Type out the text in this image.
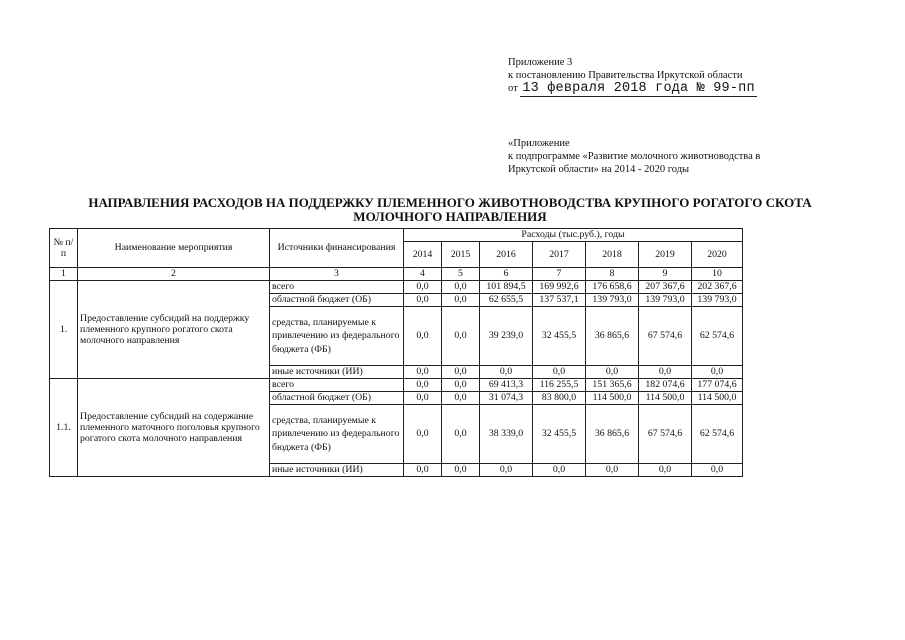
Приложение 3
к постановлению Правительства Иркутской области
от 13 февраля 2018 года № 99-пп
«Приложение
к подпрограмме «Развитие молочного животноводства в Иркутской области» на 2014 - 2020 годы
НАПРАВЛЕНИЯ РАСХОДОВ НА ПОДДЕРЖКУ ПЛЕМЕННОГО ЖИВОТНОВОДСТВА КРУПНОГО РОГАТОГО СКОТА МОЛОЧНОГО НАПРАВЛЕНИЯ
№ п/п	Наименование мероприятия	Источники финансирования	Расходы (тыс.руб.), годы						
			2014	2015	2016	2017	2018	2019	2020
1	2	3	4	5	6	7	8	9	10
1.	Предоставление субсидий на поддержку племенного крупного рогатого скота молочного направления	всего	0,0	0,0	101 894,5	169 992,6	176 658,6	207 367,6	202 367,6
		областной бюджет (ОБ)	0,0	0,0	62 655,5	137 537,1	139 793,0	139 793,0	139 793,0
		средства, планируемые к привлечению из федерального бюджета (ФБ)	0,0	0,0	39 239,0	32 455,5	36 865,6	67 574,6	62 574,6
		иные источники (ИИ)	0,0	0,0	0,0	0,0	0,0	0,0	0,0
1.1.	Предоставление субсидий на содержание племенного маточного поголовья крупного рогатого скота молочного направления	всего	0,0	0,0	69 413,3	116 255,5	151 365,6	182 074,6	177 074,6
		областной бюджет (ОБ)	0,0	0,0	31 074,3	83 800,0	114 500,0	114 500,0	114 500,0
		средства, планируемые к привлечению из федерального бюджета (ФБ)	0,0	0,0	38 339,0	32 455,5	36 865,6	67 574,6	62 574,6
		иные источники (ИИ)	0,0	0,0	0,0	0,0	0,0	0,0	0,0
